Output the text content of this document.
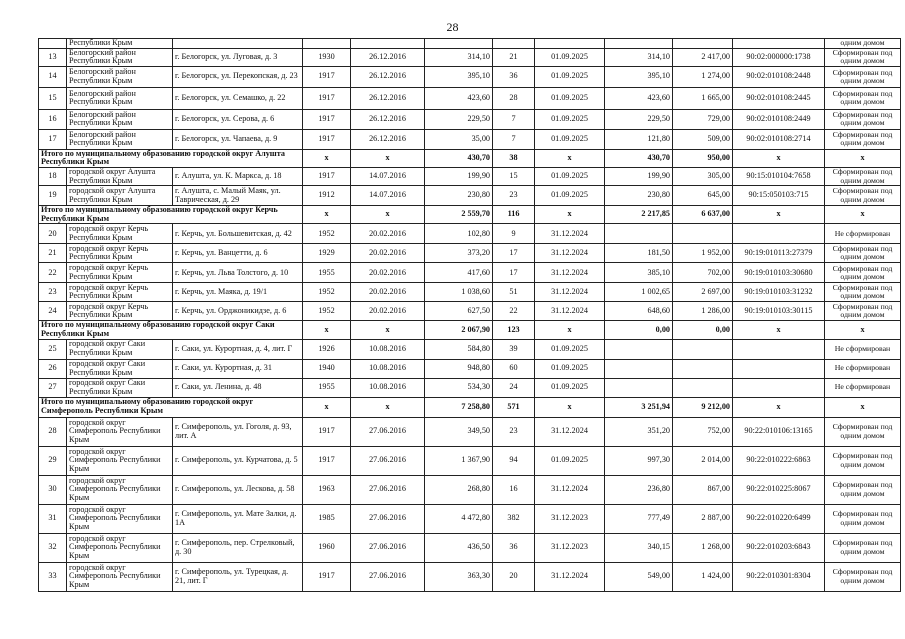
28
	Республики Крым										одним домом
13	Белогорский район Республики Крым	г. Белогорск, ул. Луговая, д. 3	1930	26.12.2016	314,10	21	01.09.2025	314,10	2 417,00	90:02:000000:1738	Сформирован под одним домом
14	Белогорский район Республики Крым	г. Белогорск, ул. Перекопская, д. 23	1917	26.12.2016	395,10	36	01.09.2025	395,10	1 274,00	90:02:010108:2448	Сформирован под одним домом
15	Белогорский район Республики Крым	г. Белогорск, ул. Семашко, д. 22	1917	26.12.2016	423,60	28	01.09.2025	423,60	1 665,00	90:02:010108:2445	Сформирован под одним домом
16	Белогорский район Республики Крым	г. Белогорск, ул. Серова, д. 6	1917	26.12.2016	229,50	7	01.09.2025	229,50	729,00	90:02:010108:2449	Сформирован под одним домом
17	Белогорский район Республики Крым	г. Белогорск, ул. Чапаева, д. 9	1917	26.12.2016	35,00	7	01.09.2025	121,80	509,00	90:02:010108:2714	Сформирован под одним домом
Итого по муниципальному образованию городской округ Алушта Республики Крым			x	x	430,70	38	x	430,70	950,00	x	x
18	городской округ Алушта Республики Крым	г. Алушта, ул. К. Маркса, д. 18	1917	14.07.2016	199,90	15	01.09.2025	199,90	305,00	90:15:010104:7658	Сформирован под одним домом
19	городской округ Алушта Республики Крым	г. Алушта, с. Малый Маяк, ул. Таврическая, д. 29	1912	14.07.2016	230,80	23	01.09.2025	230,80	645,00	90:15:050103:715	Сформирован под одним домом
Итого по муниципальному образованию городской округ Керчь Республики Крым			x	x	2 559,70	116	x	2 217,85	6 637,00	x	x
20	городской округ Керчь Республики Крым	г. Керчь, ул. Большевитская, д. 42	1952	20.02.2016	102,80	9	31.12.2024				Не сформирован
21	городской округ Керчь Республики Крым	г. Керчь, ул. Ванцетти, д. 6	1929	20.02.2016	373,20	17	31.12.2024	181,50	1 952,00	90:19:010113:27379	Сформирован под одним домом
22	городской округ Керчь Республики Крым	г. Керчь, ул. Льва Толстого, д. 10	1955	20.02.2016	417,60	17	31.12.2024	385,10	702,00	90:19:010103:30680	Сформирован под одним домом
23	городской округ Керчь Республики Крым	г. Керчь, ул. Маяка, д. 19/1	1952	20.02.2016	1 038,60	51	31.12.2024	1 002,65	2 697,00	90:19:010103:31232	Сформирован под одним домом
24	городской округ Керчь Республики Крым	г. Керчь, ул. Орджоникидзе, д. 6	1952	20.02.2016	627,50	22	31.12.2024	648,60	1 286,00	90:19:010103:30115	Сформирован под одним домом
Итого по муниципальному образованию городской округ Саки Республики Крым			x	x	2 067,90	123	x	0,00	0,00	x	x
25	городской округ Саки Республики Крым	г. Саки, ул. Курортная, д. 4, лит. Г	1926	10.08.2016	584,80	39	01.09.2025				Не сформирован
26	городской округ Саки Республики Крым	г. Саки, ул. Курортная, д. 31	1940	10.08.2016	948,80	60	01.09.2025				Не сформирован
27	городской округ Саки Республики Крым	г. Саки, ул. Ленина, д. 48	1955	10.08.2016	534,30	24	01.09.2025				Не сформирован
Итого по муниципальному образованию городской округ Симферополь Республики Крым			x	x	7 258,80	571	x	3 251,94	9 212,00	x	x
28	городской округ Симферополь Республики Крым	г. Симферополь, ул. Гоголя, д. 93, лит. А	1917	27.06.2016	349,50	23	31.12.2024	351,20	752,00	90:22:010106:13165	Сформирован под одним домом
29	городской округ Симферополь Республики Крым	г. Симферополь, ул. Курчатова, д. 5	1917	27.06.2016	1 367,90	94	01.09.2025	997,30	2 014,00	90:22:010222:6863	Сформирован под одним домом
30	городской округ Симферополь Республики Крым	г. Симферополь, ул. Лескова, д. 58	1963	27.06.2016	268,80	16	31.12.2024	236,80	867,00	90:22:010225:8067	Сформирован под одним домом
31	городской округ Симферополь Республики Крым	г. Симферополь, ул. Мате Залки, д. 1А	1985	27.06.2016	4 472,80	382	31.12.2023	777,49	2 887,00	90:22:010220:6499	Сформирован под одним домом
32	городской округ Симферополь Республики Крым	г. Симферополь, пер. Стрелковый, д. 30	1960	27.06.2016	436,50	36	31.12.2023	340,15	1 268,00	90:22:010203:6843	Сформирован под одним домом
33	городской округ Симферополь Республики Крым	г. Симферополь, ул. Турецкая, д. 21, лит. Г	1917	27.06.2016	363,30	20	31.12.2024	549,00	1 424,00	90:22:010301:8304	Сформирован под одним домом
